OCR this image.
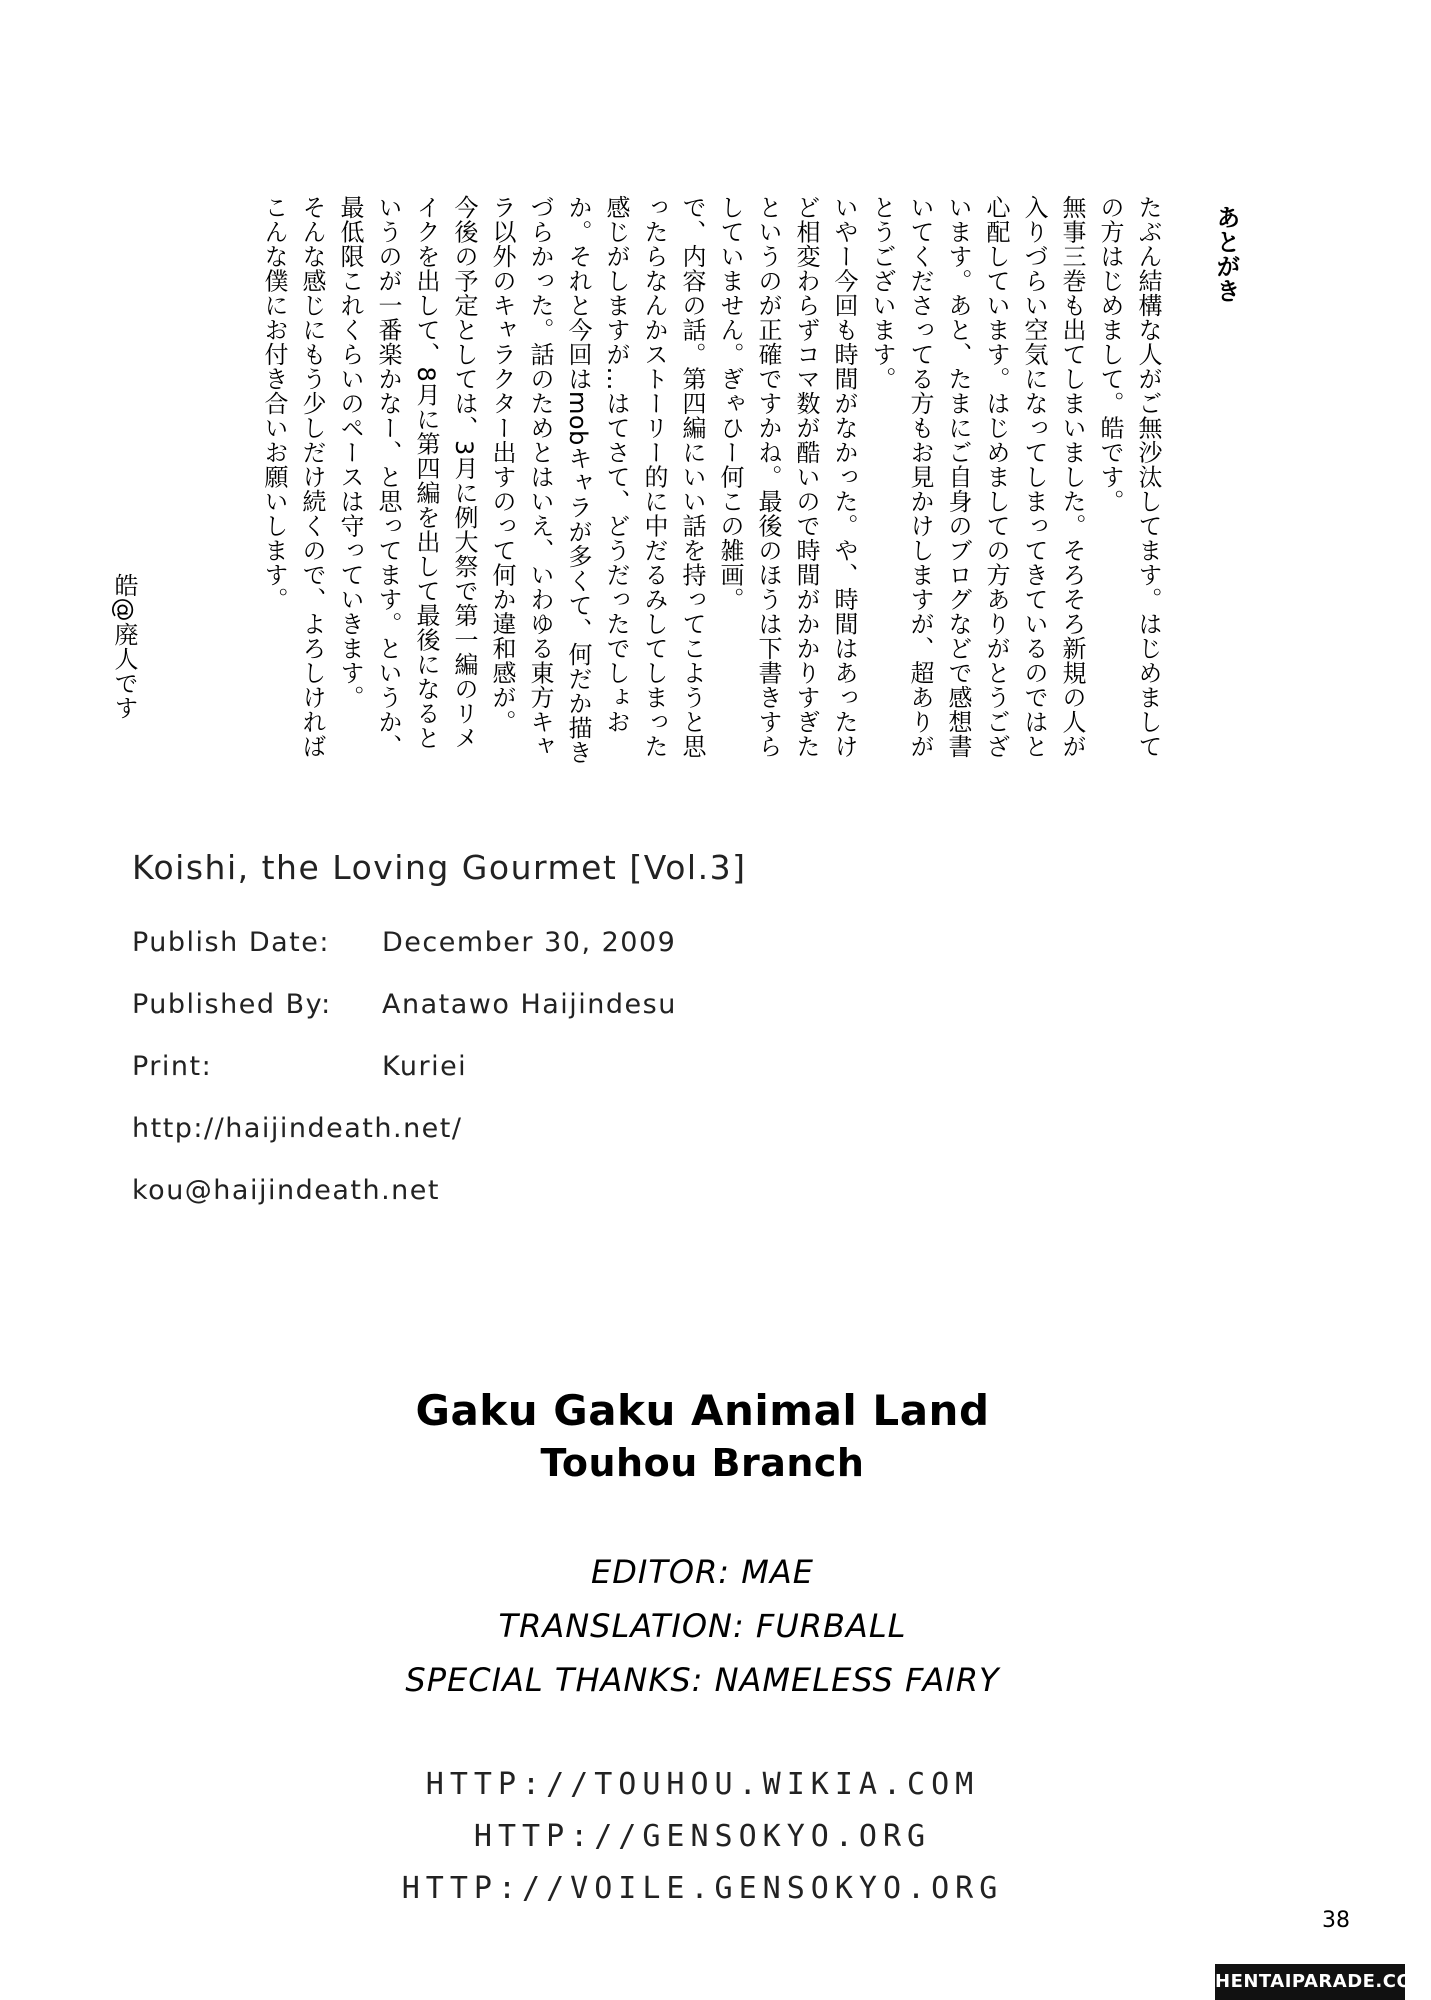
あとがき

たぶん結構な人がご無沙汰してます。はじめましての方はじめまして。皓です。

無事三巻も出てしまいました。そろそろ新規の人が入りづらい空気になってしまってきているのではと心配しています。はじめましての方ありがとうございます。あと、たまにご自身のブログなどで感想書いてくださってる方もお見かけしますが、超ありがとうございます。

いやー今回も時間がなかった。や、時間はあったけど相変わらずコマ数が酷いので時間がかかりすぎたというのが正確ですかね。最後のほうは下書きすらしていません。ぎゃひー何この雑画。

で、内容の話。第四編にいい話を持ってこようと思ったらなんかストーリー的に中だるみしてしまった感じがしますが…はてさて、どうだったでしょおか。それと今回はmobキャラが多くて、何だか描きづらかった。話のためとはいえ、いわゆる東方キャラ以外のキャラクター出すのって何か違和感が。

今後の予定としては、3月に例大祭で第一編のリメイクを出して、8月に第四編を出して最後になるというのが一番楽かなー、と思ってます。というか、最低限これくらいのペースは守っていきます。

そんな感じにもう少しだけ続くので、よろしければこんな僕にお付き合いお願いします。

皓@廃人です
Koishi, the Loving Gourmet [Vol.3]
Publish Date: December 30, 2009
Published By: Anatawo Haijindesu
Print:	Kuriei
http://haijindeath.net/
kou@haijindeath.net
Gaku Gaku Animal Land
Touhou Branch
EDITOR: MAE
TRANSLATION: FURBALL
SPECIAL THANKS: NAMELESS FAIRY
HTTP://TOUHOU.WIKIA.COM
HTTP://GENSOKYO.ORG
HTTP://VOILE.GENSOKYO.ORG
38
HENTAIPARADE.COM
